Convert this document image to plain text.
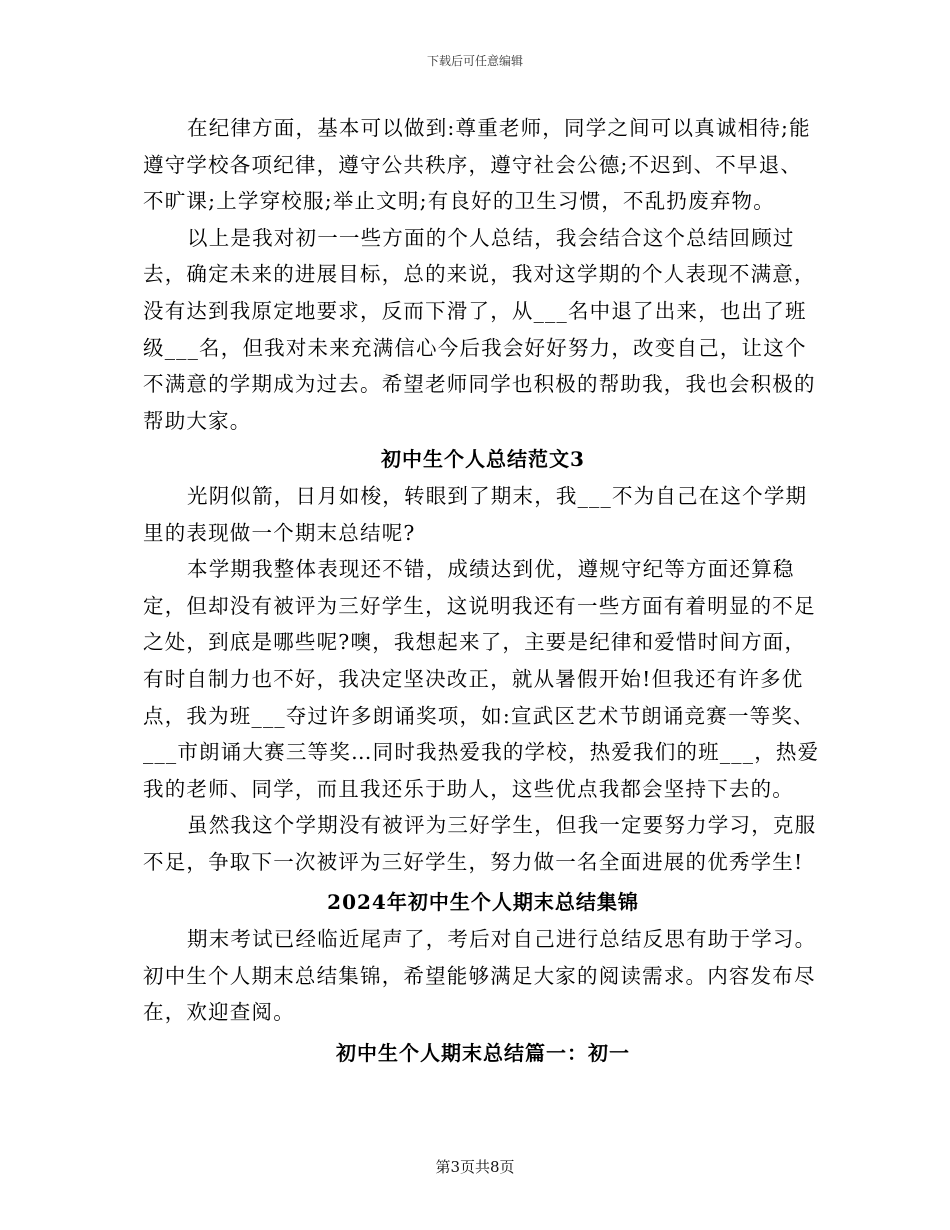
下载后可任意编辑

在纪律方面，基本可以做到:尊重老师，同学之间可以真诚相待;能遵守学校各项纪律，遵守公共秩序，遵守社会公德;不迟到、不早退、不旷课;上学穿校服;举止文明;有良好的卫生习惯，不乱扔废弃物。

以上是我对初一一些方面的个人总结，我会结合这个总结回顾过去，确定未来的进展目标，总的来说，我对这学期的个人表现不满意，没有达到我原定地要求，反而下滑了，从___名中退了出来，也出了班级___名，但我对未来充满信心今后我会好好努力，改变自己，让这个不满意的学期成为过去。希望老师同学也积极的帮助我，我也会积极的帮助大家。

初中生个人总结范文3

光阴似箭，日月如梭，转眼到了期末，我___不为自己在这个学期里的表现做一个期末总结呢?

本学期我整体表现还不错，成绩达到优，遵规守纪等方面还算稳定，但却没有被评为三好学生，这说明我还有一些方面有着明显的不足之处，到底是哪些呢?噢，我想起来了，主要是纪律和爱惜时间方面，有时自制力也不好，我决定坚决改正，就从暑假开始!但我还有许多优点，我为班___夺过许多朗诵奖项，如:宣武区艺术节朗诵竞赛一等奖、___市朗诵大赛三等奖…同时我热爱我的学校，热爱我们的班___，热爱我的老师、同学，而且我还乐于助人，这些优点我都会坚持下去的。

虽然我这个学期没有被评为三好学生，但我一定要努力学习，克服不足，争取下一次被评为三好学生，努力做一名全面进展的优秀学生!

2024年初中生个人期末总结集锦

期末考试已经临近尾声了，考后对自己进行总结反思有助于学习。初中生个人期末总结集锦，希望能够满足大家的阅读需求。内容发布尽在，欢迎查阅。

初中生个人期末总结篇一：初一
第3页共8页
